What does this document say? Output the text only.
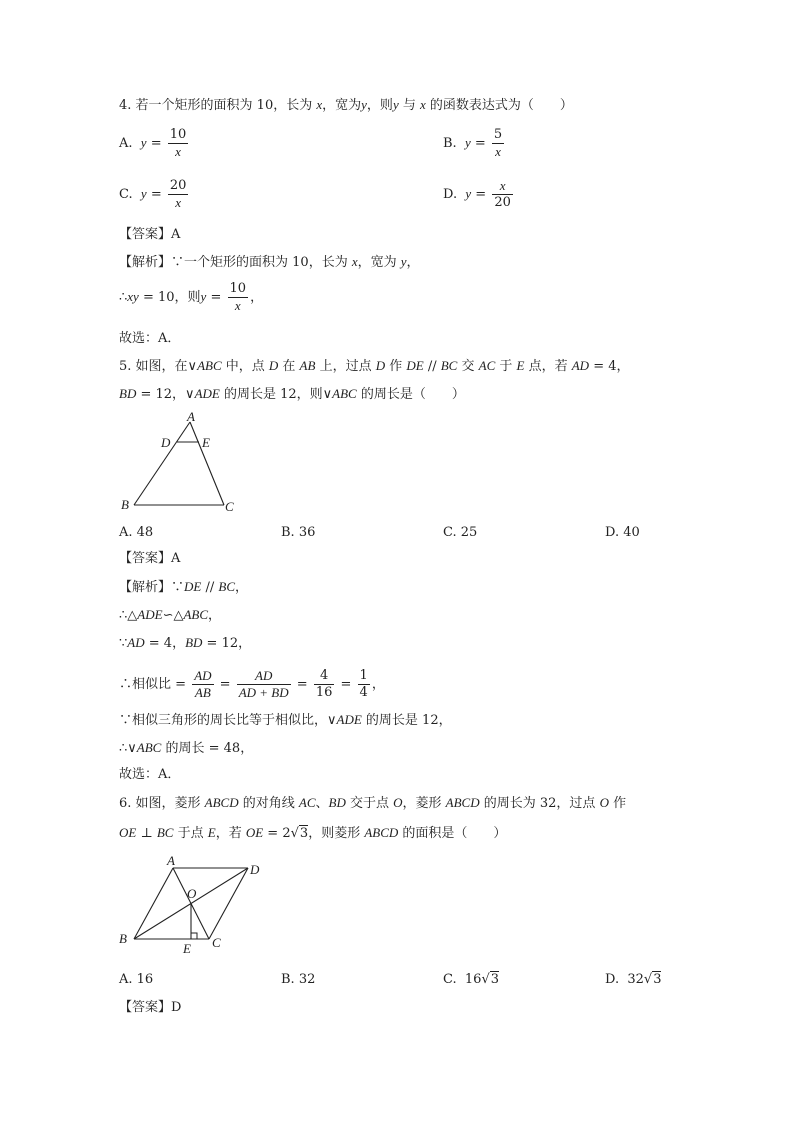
4. 若一个矩形的面积为 10，长为 x，宽为y，则y 与 x 的函数表达式为（　　）
A. $y = \frac{10}{x}$	B. $y = \frac{5}{x}$
C. $y = \frac{20}{x}$	D. $y = \frac{x}{20}$
【答案】A
【解析】∵一个矩形的面积为 10，长为 x，宽为 y，
∴xy = 10，则$y = \frac{10}{x}$ ，
故选：A．
5. 如图，在∨ABC 中，点 D 在 AB 上，过点 D 作 DE // BC 交 AC 于 E 点，若 AD = 4，
BD = 12，∨ADE 的周长是 12，则∨ABC 的周长是（　　）
A
D E
B	C
A. 48	B. 36	C. 25	D. 40
【答案】A
【解析】∵DE // BC，
∴△ADE∽△ABC，
∵AD = 4，BD = 12，
∴相似比 = $\frac{AD}{AB} = \frac{AD}{AD + BD} = \frac{4}{16} = \frac{1}{4}$ ，
∵相似三角形的周长比等于相似比，∨ADE 的周长是 12，
∴∨ABC 的周长 = 48，
故选：A．
6. 如图，菱形 ABCD 的对角线 AC、BD 交于点 O，菱形 ABCD 的周长为 32，过点 O 作
OE ⊥ BC 于点 E，若 OE = 2√3，则菱形 ABCD 的面积是（　　）
A
D
O
B
E C
A. 16	B. 32	C. 16√3	D. 32√3
【答案】D
